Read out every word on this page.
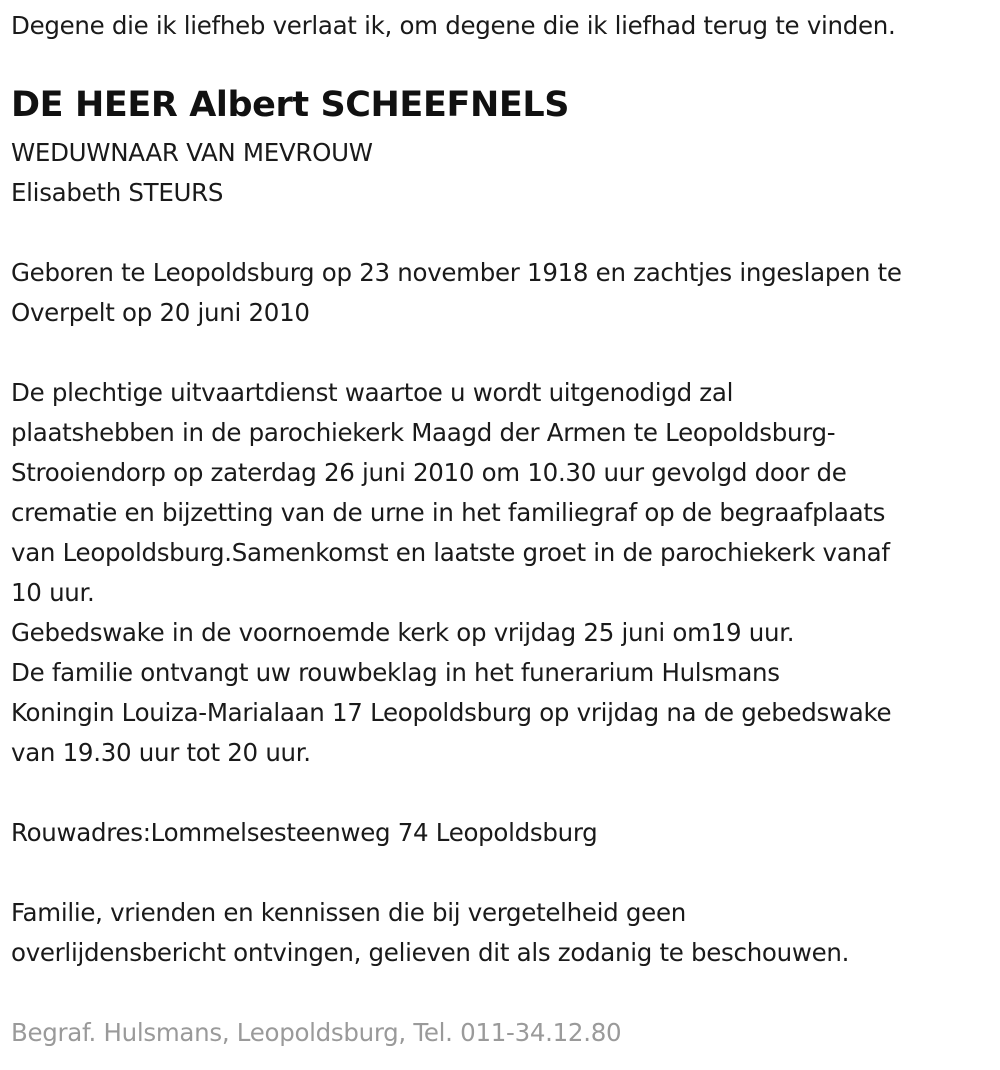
Degene die ik liefheb verlaat ik, om degene die ik liefhad terug te vinden.
DE HEER Albert SCHEEFNELS
WEDUWNAAR VAN MEVROUW
Elisabeth STEURS
Geboren te Leopoldsburg op 23 november 1918 en zachtjes ingeslapen te
Overpelt op 20 juni 2010
De plechtige uitvaartdienst waartoe u wordt uitgenodigd zal
plaatshebben in de parochiekerk Maagd der Armen te Leopoldsburg-
Strooiendorp op zaterdag 26 juni 2010 om 10.30 uur gevolgd door de
crematie en bijzetting van de urne in het familiegraf op de begraafplaats
van Leopoldsburg.Samenkomst en laatste groet in de parochiekerk vanaf
10 uur.
Gebedswake in de voornoemde kerk op vrijdag 25 juni om19 uur.
De familie ontvangt uw rouwbeklag in het funerarium Hulsmans
Koningin Louiza-Marialaan 17 Leopoldsburg op vrijdag na de gebedswake
van 19.30 uur tot 20 uur.
Rouwadres:Lommelsesteenweg 74 Leopoldsburg
Familie, vrienden en kennissen die bij vergetelheid geen
overlijdensbericht ontvingen, gelieven dit als zodanig te beschouwen.
Begraf. Hulsmans, Leopoldsburg, Tel. 011-34.12.80
